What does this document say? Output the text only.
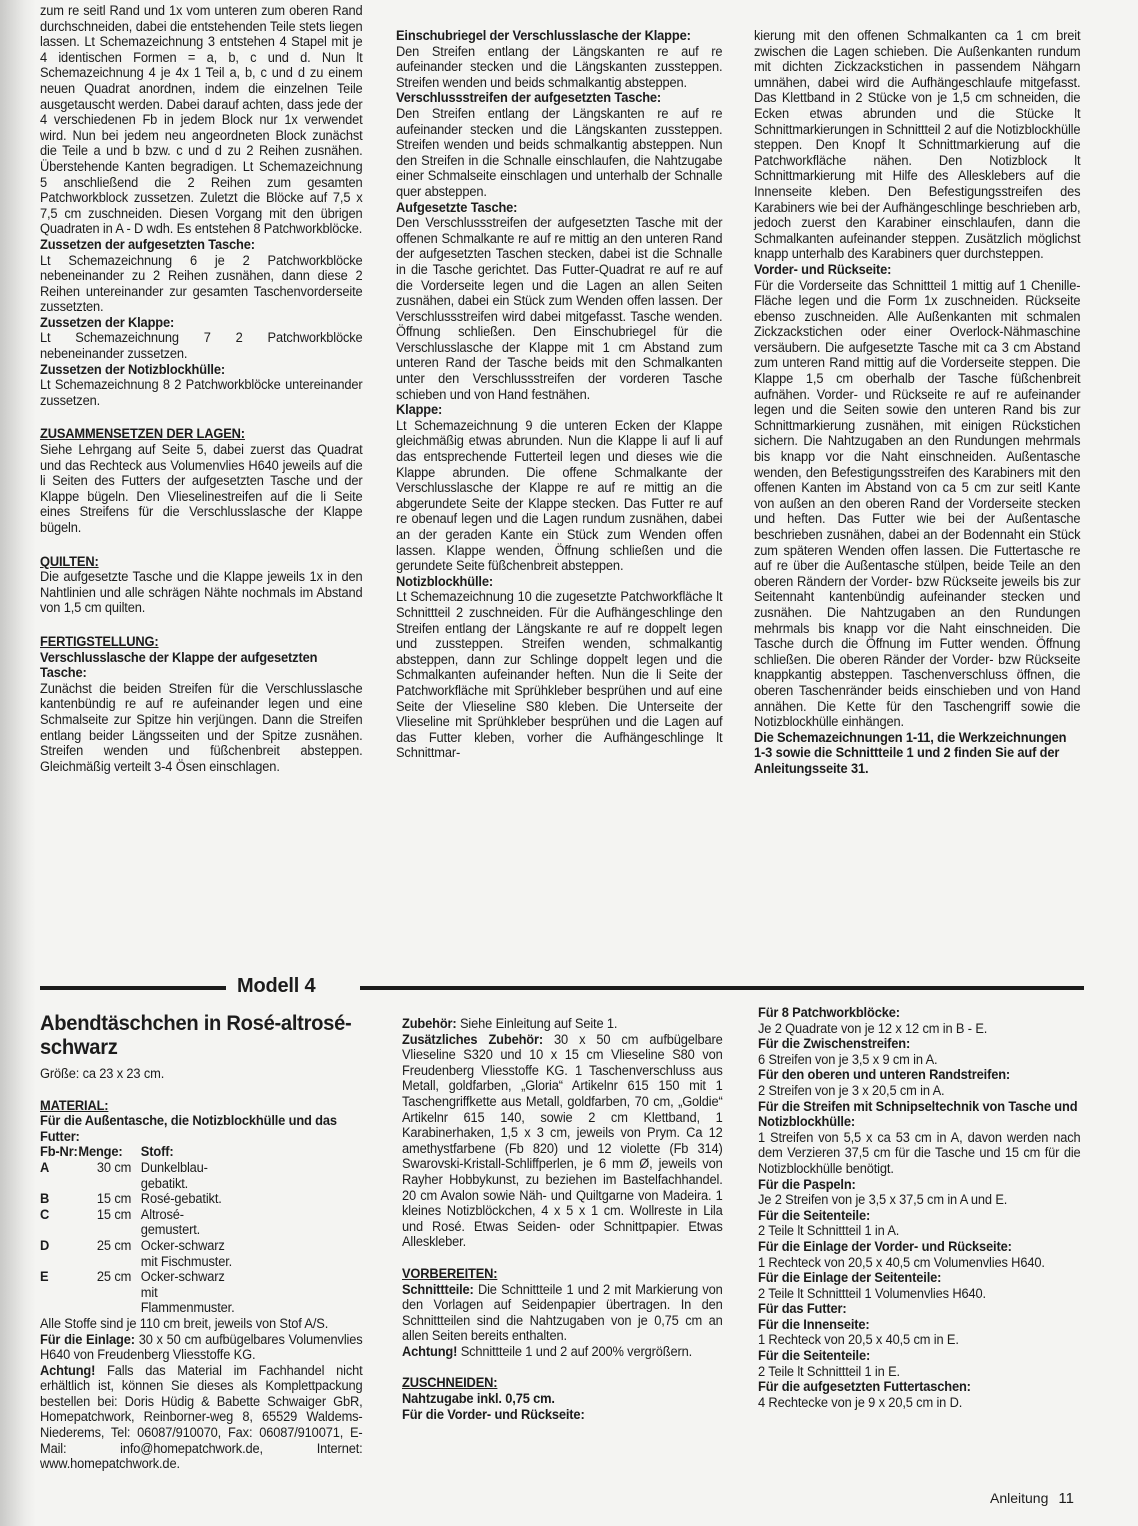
zum re seitl Rand und 1x vom unteren zum oberen Rand durchschneiden, dabei die entstehenden Teile stets liegen lassen. Lt Schemazeichnung 3 entstehen 4 Stapel mit je 4 identischen Formen = a, b, c und d. Nun lt Schemazeichnung 4 je 4x 1 Teil a, b, c und d zu einem neuen Quadrat anordnen, indem die einzelnen Teile ausgetauscht werden. Dabei darauf achten, dass jede der 4 verschiedenen Fb in jedem Block nur 1x verwendet wird. Nun bei jedem neu angeordneten Block zunächst die Teile a und b bzw. c und d zu 2 Reihen zusnähen. Überstehende Kanten begradigen. Lt Schemazeichnung 5 anschließend die 2 Reihen zum gesamten Patchworkblock zussetzen. Zuletzt die Blöcke auf 7,5 x 7,5 cm zuschneiden. Diesen Vorgang mit den übrigen Quadraten in A - D wdh. Es entstehen 8 Patchworkblöcke.

Zussetzen der aufgesetzten Tasche:

Lt Schemazeichnung 6 je 2 Patchworkblöcke nebeneinander zu 2 Reihen zusnähen, dann diese 2 Reihen untereinander zur gesamten Taschenvorderseite zussetzten.

Zussetzen der Klappe:

Lt Schemazeichnung 7 2 Patchworkblöcke nebeneinander zussetzen.

Zussetzen der Notizblockhülle:

Lt Schemazeichnung 8 2 Patchworkblöcke untereinander zussetzen.

ZUSAMMENSETZEN DER LAGEN:

Siehe Lehrgang auf Seite 5, dabei zuerst das Quadrat und das Rechteck aus Volumenvlies H640 jeweils auf die li Seiten des Futters der aufgesetzten Tasche und der Klappe bügeln. Den Vlieselinestreifen auf die li Seite eines Streifens für die Verschlusslasche der Klappe bügeln.

QUILTEN:

Die aufgesetzte Tasche und die Klappe jeweils 1x in den Nahtlinien und alle schrägen Nähte nochmals im Abstand von 1,5 cm quilten.

FERTIGSTELLUNG:

Verschlusslasche der Klappe der aufgesetzten Tasche:

Zunächst die beiden Streifen für die Verschlusslasche kantenbündig re auf re aufeinander legen und eine Schmalseite zur Spitze hin verjüngen. Dann die Streifen entlang beider Längsseiten und der Spitze zusnähen. Streifen wenden und füßchenbreit absteppen. Gleichmäßig verteilt 3-4 Ösen einschlagen.

Einschubriegel der Verschlusslasche der Klappe:

Den Streifen entlang der Längskanten re auf re aufeinander stecken und die Längskanten zussteppen. Streifen wenden und beids schmalkantig absteppen.

Verschlussstreifen der aufgesetzten Tasche:

Den Streifen entlang der Längskanten re auf re aufeinander stecken und die Längskanten zussteppen. Streifen wenden und beids schmalkantig absteppen. Nun den Streifen in die Schnalle einschlaufen, die Nahtzugabe einer Schmalseite einschlagen und unterhalb der Schnalle quer absteppen.

Aufgesetzte Tasche:

Den Verschlussstreifen der aufgesetzten Tasche mit der offenen Schmalkante re auf re mittig an den unteren Rand der aufgesetzten Taschen stecken, dabei ist die Schnalle in die Tasche gerichtet. Das Futter-Quadrat re auf re auf die Vorderseite legen und die Lagen an allen Seiten zusnähen, dabei ein Stück zum Wenden offen lassen. Der Verschlussstreifen wird dabei mitgefasst. Tasche wenden. Öffnung schließen. Den Einschubriegel für die Verschlusslasche der Klappe mit 1 cm Abstand zum unteren Rand der Tasche beids mit den Schmalkanten unter den Verschlussstreifen der vorderen Tasche schieben und von Hand festnähen.

Klappe:

Lt Schemazeichnung 9 die unteren Ecken der Klappe gleichmäßig etwas abrunden. Nun die Klappe li auf li auf das entsprechende Futterteil legen und dieses wie die Klappe abrunden. Die offene Schmalkante der Verschlusslasche der Klappe re auf re mittig an die abgerundete Seite der Klappe stecken. Das Futter re auf re obenauf legen und die Lagen rundum zusnähen, dabei an der geraden Kante ein Stück zum Wenden offen lassen. Klappe wenden, Öffnung schließen und die gerundete Seite füßchenbreit absteppen.

Notizblockhülle:

Lt Schemazeichnung 10 die zugesetzte Patchworkfläche lt Schnittteil 2 zuschneiden. Für die Aufhängeschlinge den Streifen entlang der Längskante re auf re doppelt legen und zussteppen. Streifen wenden, schmalkantig absteppen, dann zur Schlinge doppelt legen und die Schmalkanten aufeinander heften. Nun die li Seite der Patchworkfläche mit Sprühkleber besprühen und auf eine Seite der Vlieseline S80 kleben. Die Unterseite der Vlieseline mit Sprühkleber besprühen und die Lagen auf das Futter kleben, vorher die Aufhängeschlinge lt Schnittmar-

kierung mit den offenen Schmalkanten ca 1 cm breit zwischen die Lagen schieben. Die Außenkanten rundum mit dichten Zickzackstichen in passendem Nähgarn umnähen, dabei wird die Aufhängeschlaufe mitgefasst. Das Klettband in 2 Stücke von je 1,5 cm schneiden, die Ecken etwas abrunden und die Stücke lt Schnittmarkierungen in Schnittteil 2 auf die Notizblockhülle steppen. Den Knopf lt Schnittmarkierung auf die Patchworkfläche nähen. Den Notizblock lt Schnittmarkierung mit Hilfe des Allesklebers auf die Innenseite kleben. Den Befestigungsstreifen des Karabiners wie bei der Aufhängeschlinge beschrieben arb, jedoch zuerst den Karabiner einschlaufen, dann die Schmalkanten aufeinander steppen. Zusätzlich möglichst knapp unterhalb des Karabiners quer durchsteppen.

Vorder- und Rückseite:

Für die Vorderseite das Schnittteil 1 mittig auf 1 Chenille-Fläche legen und die Form 1x zuschneiden. Rückseite ebenso zuschneiden. Alle Außenkanten mit schmalen Zickzackstichen oder einer Overlock-Nähmaschine versäubern. Die aufgesetzte Tasche mit ca 3 cm Abstand zum unteren Rand mittig auf die Vorderseite steppen. Die Klappe 1,5 cm oberhalb der Tasche füßchenbreit aufnähen. Vorder- und Rückseite re auf re aufeinander legen und die Seiten sowie den unteren Rand bis zur Schnittmarkierung zusnähen, mit einigen Rückstichen sichern. Die Nahtzugaben an den Rundungen mehrmals bis knapp vor die Naht einschneiden. Außentasche wenden, den Befestigungsstreifen des Karabiners mit den offenen Kanten im Abstand von ca 5 cm zur seitl Kante von außen an den oberen Rand der Vorderseite stecken und heften. Das Futter wie bei der Außentasche beschrieben zusnähen, dabei an der Bodennaht ein Stück zum späteren Wenden offen lassen. Die Futtertasche re auf re über die Außentasche stülpen, beide Teile an den oberen Rändern der Vorder- bzw Rückseite jeweils bis zur Seitennaht kantenbündig aufeinander stecken und zusnähen. Die Nahtzugaben an den Rundungen mehrmals bis knapp vor die Naht einschneiden. Die Tasche durch die Öffnung im Futter wenden. Öffnung schließen. Die oberen Ränder der Vorder- bzw Rückseite knappkantig absteppen. Taschenverschluss öffnen, die oberen Taschenränder beids einschieben und von Hand annähen. Die Kette für den Taschengriff sowie die Notizblockhülle einhängen.

Die Schemazeichnungen 1-11, die Werkzeichnungen 1-3 sowie die Schnittteile 1 und 2 finden Sie auf der Anleitungsseite 31.

Modell 4
Abendtäschchen in Rosé-altrosé-schwarz

Größe: ca 23 x 23 cm.

MATERIAL:

Für die Außentasche, die Notizblockhülle und das Futter:

Fb-Nr:	Menge:	Stoff:
A	30 cm	Dunkelblau-gebatikt.
B	15 cm	Rosé-gebatikt.
C	15 cm	Altrosé-gemustert.
D	25 cm	Ocker-schwarz mit Fischmuster.
E	25 cm	Ocker-schwarz mit Flammenmuster.

Alle Stoffe sind je 110 cm breit, jeweils von Stof A/S.

Für die Einlage: 30 x 50 cm aufbügelbares Volumenvlies H640 von Freudenberg Vliesstoffe KG.

Achtung! Falls das Material im Fachhandel nicht erhältlich ist, können Sie dieses als Komplettpackung bestellen bei: Doris Hüdig & Babette Schwaiger GbR, Homepatchwork, Reinborner-weg 8, 65529 Waldems-Niederems, Tel: 06087/910070, Fax: 06087/910071, E-Mail: info@homepatchwork.de, Internet: www.homepatchwork.de.

Zubehör: Siehe Einleitung auf Seite 1.

Zusätzliches Zubehör: 30 x 50 cm aufbügelbare Vlieseline S320 und 10 x 15 cm Vlieseline S80 von Freudenberg Vliesstoffe KG. 1 Taschenverschluss aus Metall, goldfarben, „Gloria“ Artikelnr 615 150 mit 1 Taschengriffkette aus Metall, goldfarben, 70 cm, „Goldie“ Artikelnr 615 140, sowie 2 cm Klettband, 1 Karabinerhaken, 1,5 x 3 cm, jeweils von Prym. Ca 12 amethystfarbene (Fb 820) und 12 violette (Fb 314) Swarovski-Kristall-Schliffperlen, je 6 mm Ø, jeweils von Rayher Hobbykunst, zu beziehen im Bastelfachhandel. 20 cm Avalon sowie Näh- und Quiltgarne von Madeira. 1 kleines Notizblöckchen, 4 x 5 x 1 cm. Wollreste in Lila und Rosé. Etwas Seiden- oder Schnittpapier. Etwas Alleskleber.

VORBEREITEN:

Schnittteile: Die Schnittteile 1 und 2 mit Markierung von den Vorlagen auf Seidenpapier übertragen. In den Schnittteilen sind die Nahtzugaben von je 0,75 cm an allen Seiten bereits enthalten.

Achtung! Schnittteile 1 und 2 auf 200% vergrößern.

ZUSCHNEIDEN:

Nahtzugabe inkl. 0,75 cm.

Für die Vorder- und Rückseite:

Für 8 Patchworkblöcke:

Je 2 Quadrate von je 12 x 12 cm in B - E.

Für die Zwischenstreifen:

6 Streifen von je 3,5 x 9 cm in A.

Für den oberen und unteren Randstreifen:

2 Streifen von je 3 x 20,5 cm in A.

Für die Streifen mit Schnipseltechnik von Tasche und Notizblockhülle:

1 Streifen von 5,5 x ca 53 cm in A, davon werden nach dem Verzieren 37,5 cm für die Tasche und 15 cm für die Notizblockhülle benötigt.

Für die Paspeln:

Je 2 Streifen von je 3,5 x 37,5 cm in A und E.

Für die Seitenteile:

2 Teile lt Schnittteil 1 in A.

Für die Einlage der Vorder- und Rückseite:

1 Rechteck von 20,5 x 40,5 cm Volumenvlies H640.

Für die Einlage der Seitenteile:

2 Teile lt Schnittteil 1 Volumenvlies H640.

Für das Futter:

Für die Innenseite:

1 Rechteck von 20,5 x 40,5 cm in E.

Für die Seitenteile:

2 Teile lt Schnittteil 1 in E.

Für die aufgesetzten Futtertaschen:

4 Rechtecke von je 9 x 20,5 cm in D.

Anleitung 11
